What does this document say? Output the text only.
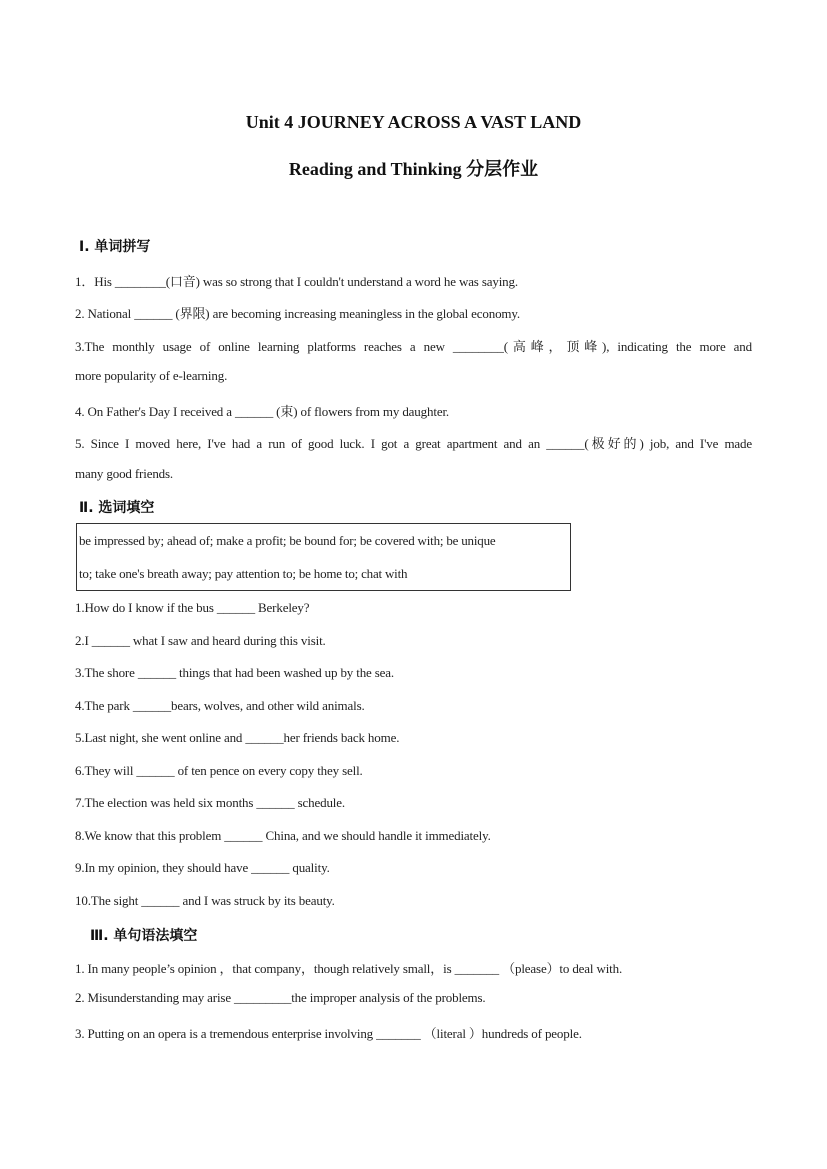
Unit 4 JOURNEY ACROSS A VAST LAND
Reading and Thinking 分层作业
Ⅰ. 单词拼写
1．His ________(口音) was so strong that I couldn't understand a word he was saying.
2. National ______ (界限) are becoming increasing meaningless in the global economy.
3.The monthly usage of online learning platforms reaches a new ________(高峰，顶峰), indicating the more and
more popularity of e-learning.
4. On Father's Day I received a ______ (束) of flowers from my daughter.
5. Since I moved here, I've had a run of good luck. I got a great apartment and an ______(极好的) job, and I've made
many good friends.
Ⅱ. 选词填空
be impressed by; ahead of; make a profit; be bound for; be covered with; be unique
to; take one's breath away; pay attention to; be home to; chat with
1.How do I know if the bus ______ Berkeley?
2.I ______ what I saw and heard during this visit.
3.The shore ______ things that had been washed up by the sea.
4.The park ______bears, wolves, and other wild animals.
5.Last night, she went online and ______her friends back home.
6.They will ______ of ten pence on every copy they sell.
7.The election was held six months ______ schedule.
8.We know that this problem ______ China, and we should handle it immediately.
9.In my opinion, they should have ______ quality.
10.The sight ______ and I was struck by its beauty.
Ⅲ. 单句语法填空
1. In many people’s opinion ，that company，though relatively small，is _______ （please）to deal with.
2. Misunderstanding may arise _________the improper analysis of the problems.
3. Putting on an opera is a tremendous enterprise involving _______ （literal ）hundreds of people.
